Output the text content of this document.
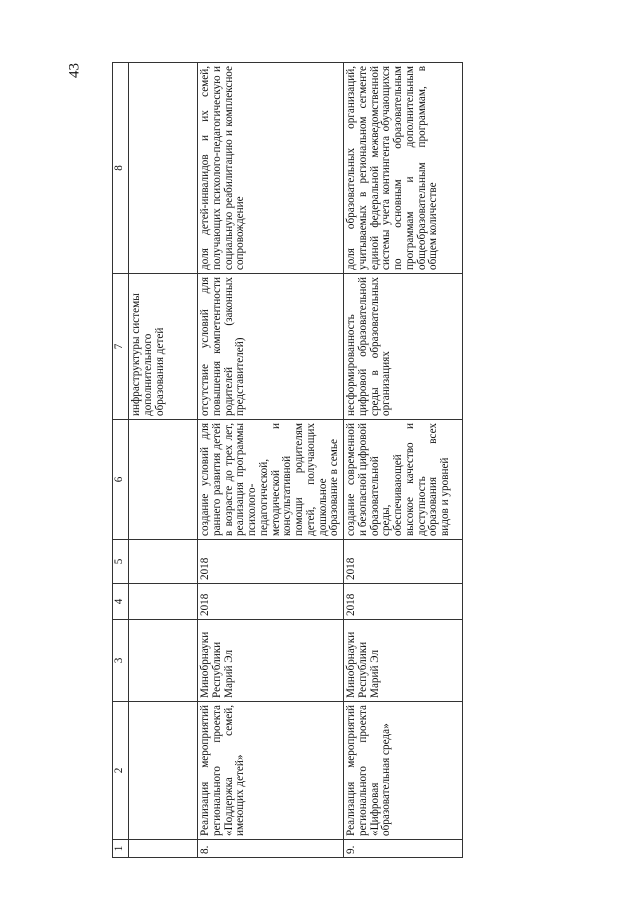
43
1	2	3	4	5	6	7	8
						инфраструктуры системы дополнительного образования детей	
8.	Реализация мероприятий регионального проекта «Поддержка семей, имеющих детей»	Минобрнауки Республики Марий Эл	2018	2018	создание условий для раннего развития детей в возрасте до трех лет, реализация программы психолого-педагогической, методической и консультативной помощи родителям детей, получающих дошкольное образование в семье	отсутствие условий для повышения компетентности родителей (законных представителей)	доля детей-инвалидов и их семей, получающих психолого-педагогическую и социальную реабилитацию и комплексное сопровождение
9.	Реализация мероприятий регионального проекта «Цифровая образовательная среда»	Минобрнауки Республики Марий Эл	2018	2018	создание современной и безопасной цифровой образовательной среды, обеспечивающей высокое качество и доступность образования всех видов и уровней	несформированность цифровой образовательной среды в образовательных организациях	доля образовательных организаций, учитываемых в региональном сегменте единой федеральной межведомственной системы учета контингента обучающихся по основным образовательным программам и дополнительным общеобразовательным программам, в общем количестве
